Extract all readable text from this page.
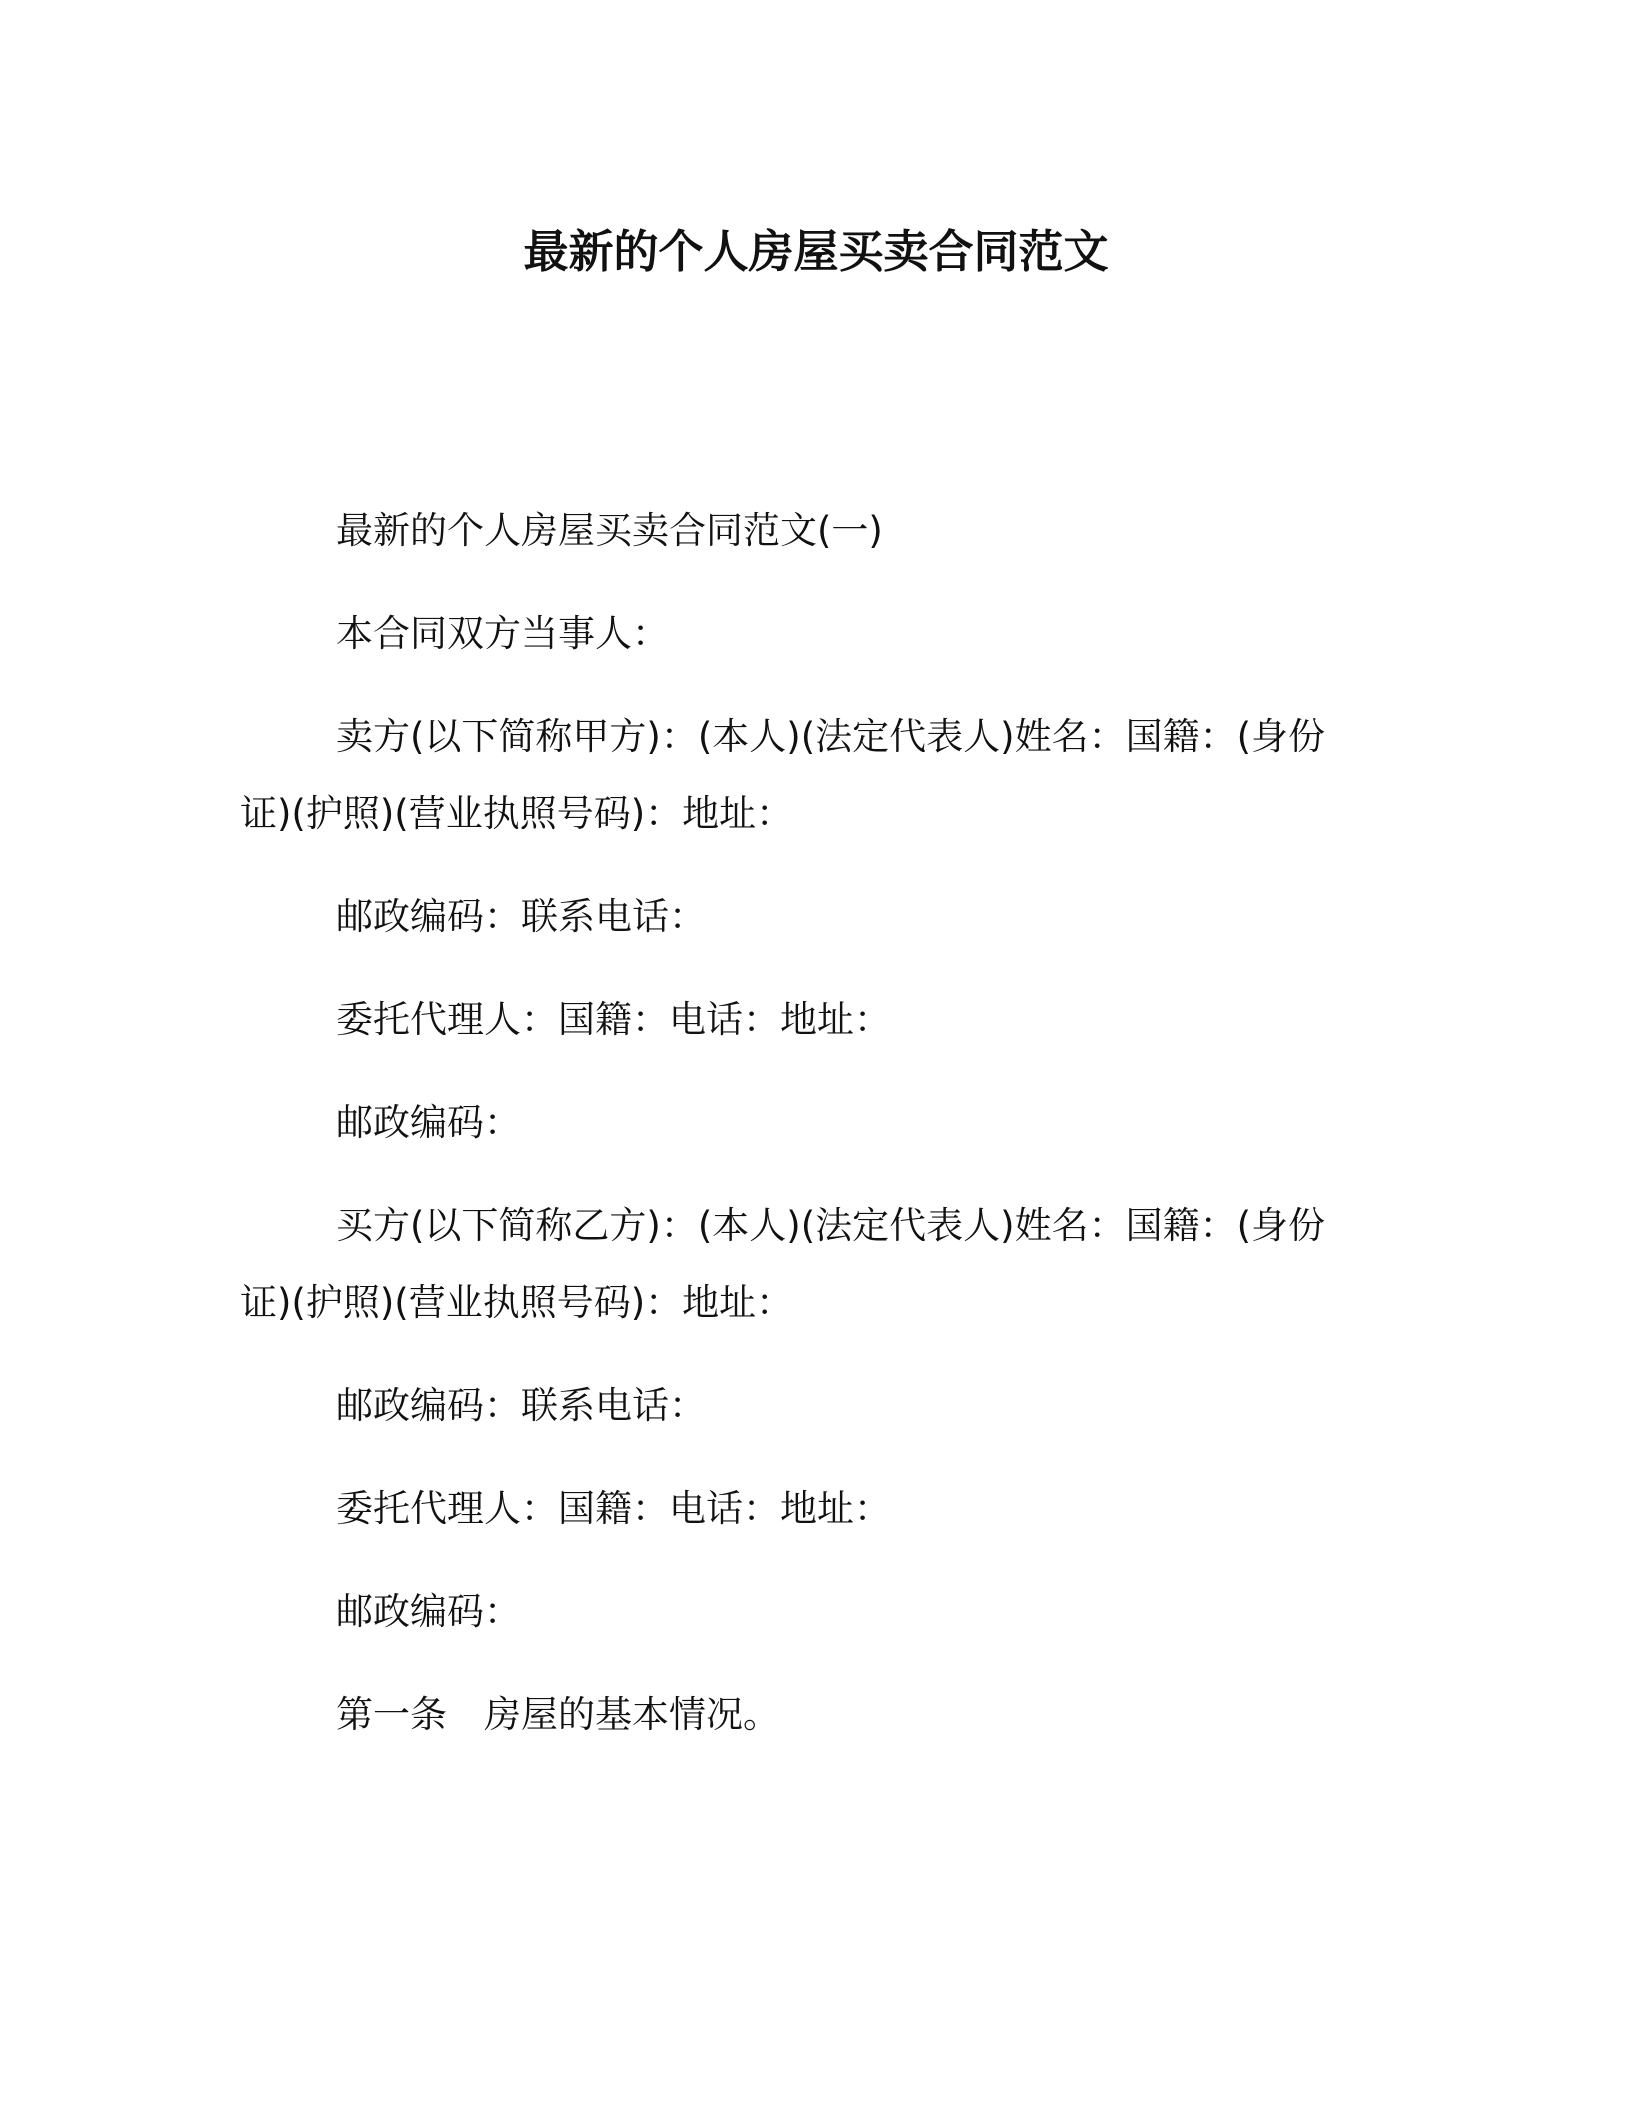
最新的个人房屋买卖合同范文

最新的个人房屋买卖合同范文(一)

本合同双方当事人：

卖方(以下简称甲方)：(本人)(法定代表人)姓名：国籍：(身份证)(护照)(营业执照号码)：地址：

邮政编码：联系电话：

委托代理人：国籍：电话：地址：

邮政编码：

买方(以下简称乙方)：(本人)(法定代表人)姓名：国籍：(身份证)(护照)(营业执照号码)：地址：

邮政编码：联系电话：

委托代理人：国籍：电话：地址：

邮政编码：

第一条　房屋的基本情况。
